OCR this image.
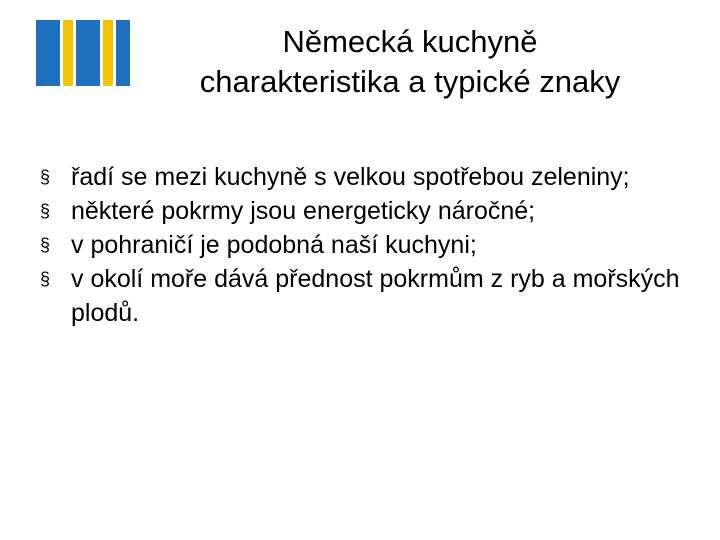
Německá kuchyně
charakteristika a typické znaky
§ řadí se mezi kuchyně s velkou spotřebou zeleniny;
§ některé pokrmy jsou energeticky náročné;
§ v pohraničí je podobná naší kuchyni;
§ v okolí moře dává přednost pokrmům z ryb a mořských plodů.
